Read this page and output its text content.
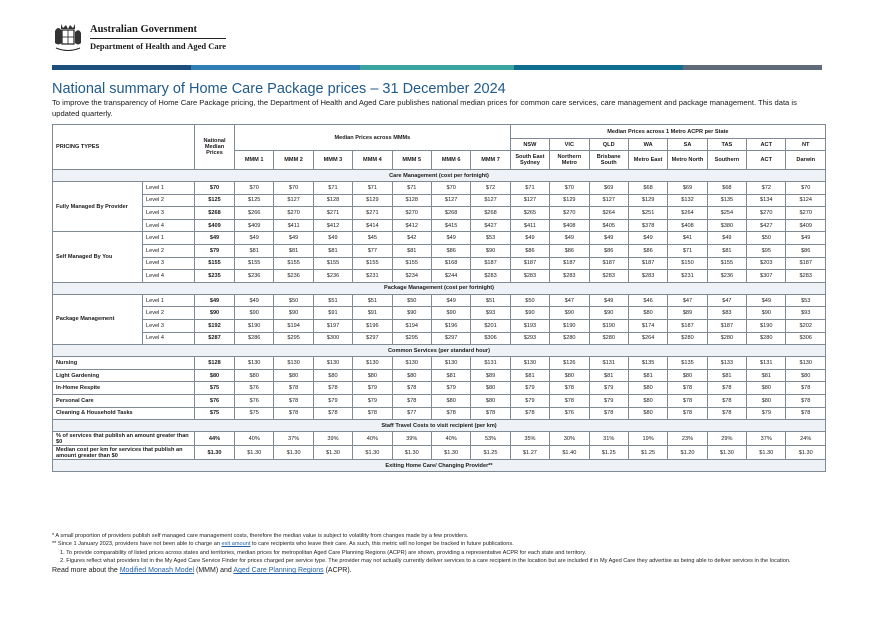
Australian Government
Department of Health and Aged Care
National summary of Home Care Package prices – 31 December 2024
To improve the transparency of Home Care Package pricing, the Department of Health and Aged Care publishes national median prices for common care services, care management and package management. This data is updated quarterly.
PRICING TYPES		National Median Prices	Median Prices across MMMs							Median Prices across 1 Metro ACPR per State							
										NSW	VIC	QLD	WA	SA	TAS	ACT	NT
			MMM 1	MMM 2	MMM 3	MMM 4	MMM 5	MMM 6	MMM 7	South East Sydney	Northern Metro	Brisbane South	Metro East	Metro North	Southern	ACT	Darwin
Care Management (cost per fortnight)																	
Fully Managed By Provider	Level 1	$70	$70	$70	$71	$71	$71	$70	$72	$71	$70	$69	$68	$69	$68	$72	$70
	Level 2	$125	$125	$127	$128	$129	$128	$127	$127	$127	$129	$127	$129	$132	$135	$134	$124
	Level 3	$268	$266	$270	$271	$271	$270	$268	$268	$265	$270	$264	$251	$264	$254	$270	$270
	Level 4	$409	$409	$411	$412	$414	$412	$415	$427	$411	$408	$405	$378	$408	$380	$427	$409
Self Managed By You	Level 1	$49	$49	$49	$49	$45	$42	$49	$53	$49	$49	$49	$49	$41	$49	$50	$49
	Level 2	$79	$81	$81	$81	$77	$81	$86	$90	$86	$86	$86	$86	$71	$81	$95	$86
	Level 3	$155	$155	$155	$155	$155	$155	$168	$187	$187	$187	$187	$187	$150	$155	$203	$187
	Level 4	$235	$236	$236	$236	$231	$234	$244	$283	$283	$283	$283	$283	$231	$236	$307	$283
Package Management (cost per fortnight)																	
Package Management	Level 1	$49	$49	$50	$51	$51	$50	$49	$51	$50	$47	$49	$46	$47	$47	$49	$53
	Level 2	$90	$90	$90	$91	$91	$90	$90	$93	$90	$90	$90	$80	$89	$83	$90	$93
	Level 3	$192	$190	$194	$197	$196	$194	$196	$201	$193	$190	$190	$174	$187	$187	$190	$202
	Level 4	$287	$286	$295	$300	$297	$295	$297	$306	$293	$280	$280	$264	$280	$280	$280	$306
Common Services (per standard hour)																	
Nursing		$128	$130	$130	$130	$130	$130	$130	$131	$130	$126	$131	$135	$135	$133	$131	$130
Light Gardening		$80	$80	$80	$80	$80	$80	$81	$89	$81	$80	$81	$81	$80	$81	$81	$80
In-Home Respite		$75	$76	$78	$78	$79	$78	$79	$80	$79	$78	$79	$80	$78	$78	$80	$78
Personal Care		$76	$76	$78	$79	$79	$78	$80	$80	$79	$78	$79	$80	$78	$78	$80	$78
Cleaning & Household Tasks		$75	$75	$78	$78	$78	$77	$78	$78	$78	$76	$78	$80	$78	$78	$79	$78
Staff Travel Costs to visit recipient (per km)																	
% of services that publish an amount greater than $0		44%	40%	37%	39%	40%	39%	40%	53%	35%	30%	31%	19%	23%	29%	37%	24%
Median cost per km for services that publish an amount greater than $0		$1.30	$1.30	$1.30	$1.30	$1.30	$1.30	$1.30	$1.25	$1.27	$1.40	$1.25	$1.25	$1.20	$1.30	$1.30	$1.30
Exiting Home Care/ Changing Provider**																	
* A small proportion of providers publish self managed care management costs, therefore the median value is subject to volatility from changes made by a few providers.
** Since 1 January 2023, providers have not been able to charge an exit amount to care recipients who leave their care. As such, this metric will no longer be tracked in future publications.
1. To provide comparability of listed prices across states and territories, median prices for metropolitan Aged Care Planning Regions (ACPR) are shown, providing a representative ACPR for each state and territory.
2. Figures reflect what providers list in the My Aged Care Service Finder for prices charged per service type. The provider may not actually currently deliver services to a care recipient in the location but are included if in My Aged Care they advertise as being able to deliver services in the location.
Read more about the Modified Monash Model (MMM) and Aged Care Planning Regions (ACPR).
